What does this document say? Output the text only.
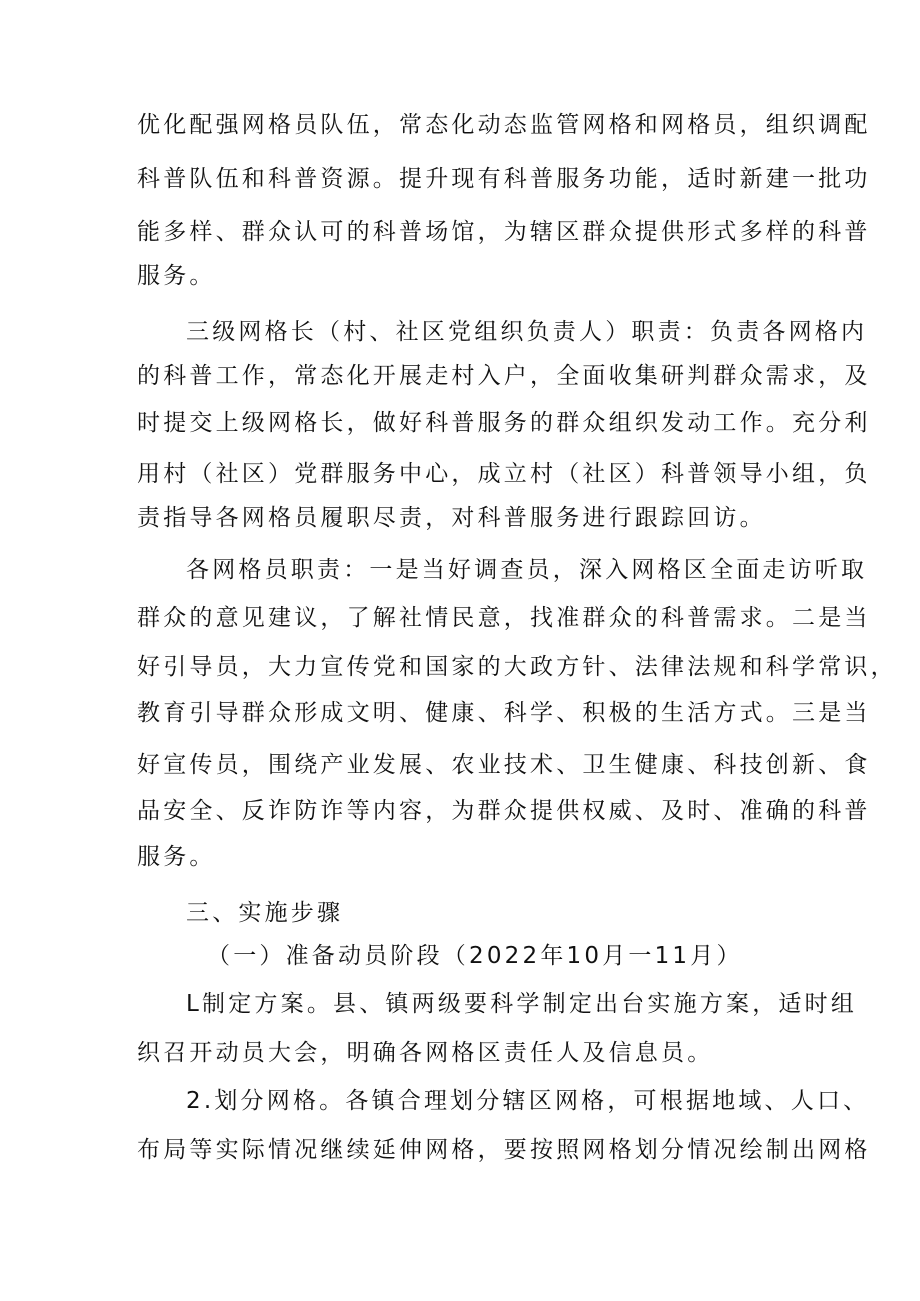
优化配强网格员队伍，常态化动态监管网格和网格员，组织调配
科普队伍和科普资源。提升现有科普服务功能，适时新建一批功
能多样、群众认可的科普场馆，为辖区群众提供形式多样的科普
服务。
三级网格长（村、社区党组织负责人）职责：负责各网格内
的科普工作，常态化开展走村入户，全面收集研判群众需求，及
时提交上级网格长，做好科普服务的群众组织发动工作。充分利
用村（社区）党群服务中心，成立村（社区）科普领导小组，负
责指导各网格员履职尽责，对科普服务进行跟踪回访。
各网格员职责：一是当好调查员，深入网格区全面走访听取
群众的意见建议，了解社情民意，找准群众的科普需求。二是当
好引导员，大力宣传党和国家的大政方针、法律法规和科学常识，
教育引导群众形成文明、健康、科学、积极的生活方式。三是当
好宣传员，围绕产业发展、农业技术、卫生健康、科技创新、食
品安全、反诈防诈等内容，为群众提供权威、及时、准确的科普
服务。
三、实施步骤
（一）准备动员阶段（2022年10月一11月）
L制定方案。县、镇两级要科学制定出台实施方案，适时组
织召开动员大会，明确各网格区责任人及信息员。
2.划分网格。各镇合理划分辖区网格，可根据地域、人口、
布局等实际情况继续延伸网格，要按照网格划分情况绘制出网格
